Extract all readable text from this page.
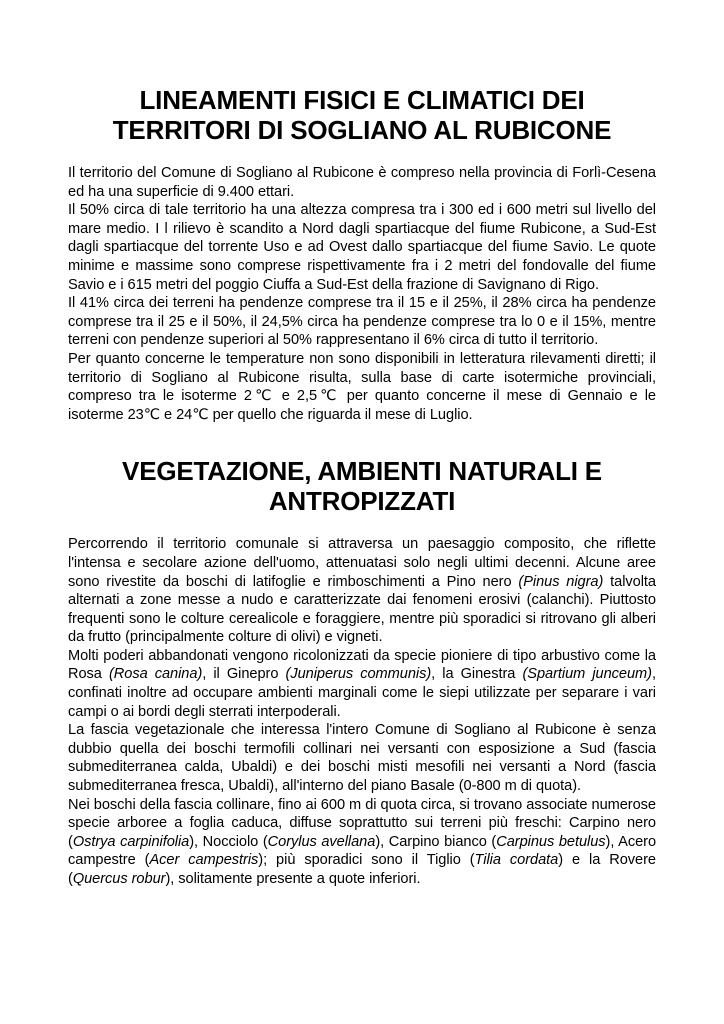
LINEAMENTI FISICI E CLIMATICI DEI
TERRITORI DI SOGLIANO AL RUBICONE

Il territorio del Comune di Sogliano al Rubicone è compreso nella provincia di Forlì-Cesena ed ha una superficie di 9.400 ettari.

Il 50% circa di tale territorio ha una altezza compresa tra i 300 ed i 600 metri sul livello del mare medio. I l rilievo è scandito a Nord dagli spartiacque del fiume Rubicone, a Sud-Est dagli spartiacque del torrente Uso e ad Ovest dallo spartiacque del fiume Savio. Le quote minime e massime sono comprese rispettivamente fra i 2 metri del fondovalle del fiume Savio e i 615 metri del poggio Ciuffa a Sud-Est della frazione di Savignano di Rigo.

Il 41% circa dei terreni ha pendenze comprese tra il 15 e il 25%, il 28% circa ha pendenze comprese tra il 25 e il 50%, il 24,5% circa ha pendenze comprese tra lo 0 e il 15%, mentre terreni con pendenze superiori al 50% rappresentano il 6% circa di tutto il territorio.

Per quanto concerne le temperature non sono disponibili in letteratura rilevamenti diretti; il territorio di Sogliano al Rubicone risulta, sulla base di carte isotermiche provinciali, compreso tra le isoterme 2℃ e 2,5℃ per quanto concerne il mese di Gennaio e le isoterme 23℃ e 24℃ per quello che riguarda il mese di Luglio.

VEGETAZIONE, AMBIENTI NATURALI E
ANTROPIZZATI

Percorrendo il territorio comunale si attraversa un paesaggio composito, che riflette l'intensa e secolare azione dell'uomo, attenuatasi solo negli ultimi decenni. Alcune aree sono rivestite da boschi di latifoglie e rimboschimenti a Pino nero (Pinus nigra) talvolta alternati a zone messe a nudo e caratterizzate dai fenomeni erosivi (calanchi). Piuttosto frequenti sono le colture cerealicole e foraggiere, mentre più sporadici si ritrovano gli alberi da frutto (principalmente colture di olivi) e vigneti.

Molti poderi abbandonati vengono ricolonizzati da specie pioniere di tipo arbustivo come la Rosa (Rosa canina), il Ginepro (Juniperus communis), la Ginestra (Spartium junceum), confinati inoltre ad occupare ambienti marginali come le siepi utilizzate per separare i vari campi o ai bordi degli sterrati interpoderali.

La fascia vegetazionale che interessa l'intero Comune di Sogliano al Rubicone è senza dubbio quella dei boschi termofili collinari nei versanti con esposizione a Sud (fascia submediterranea calda, Ubaldi) e dei boschi misti mesofili nei versanti a Nord (fascia submediterranea fresca, Ubaldi), all'interno del piano Basale (0-800 m di quota).

Nei boschi della fascia collinare, fino ai 600 m di quota circa, si trovano associate numerose specie arboree a foglia caduca, diffuse soprattutto sui terreni più freschi: Carpino nero (Ostrya carpinifolia), Nocciolo (Corylus avellana), Carpino bianco (Carpinus betulus), Acero campestre (Acer campestris); più sporadici sono il Tiglio (Tilia cordata) e la Rovere (Quercus robur), solitamente presente a quote inferiori.
